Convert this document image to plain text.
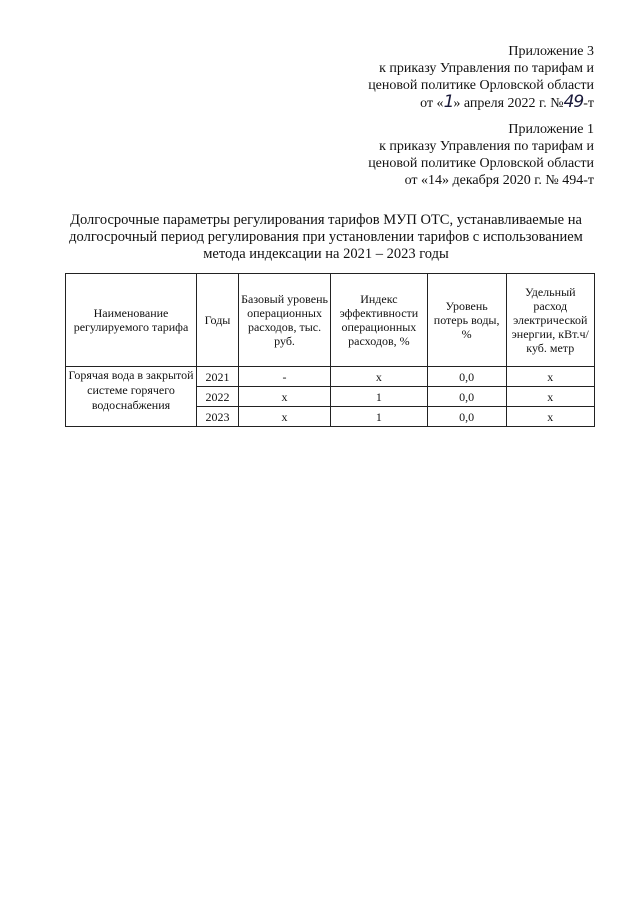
Приложение 3
к приказу Управления по тарифам и
ценовой политике Орловской области
от «1» апреля 2022 г. №49-т
Приложение 1
к приказу Управления по тарифам и
ценовой политике Орловской области
от «14» декабря 2020 г. № 494-т
Долгосрочные параметры регулирования тарифов МУП ОТС, устанавливаемые на
долгосрочный период регулирования при установлении тарифов с использованием
метода индексации на 2021 – 2023 годы
Наименование регулируемого тарифа	Годы	Базовый уровень операционных расходов, тыс. руб.	Индекс эффективности операционных расходов, %	Уровень потерь воды, %	Удельный расход электрической энергии, кВт.ч/куб. метр
Горячая вода в закрытой системе горячего водоснабжения	2021	-	x	0,0	x
	2022	x	1	0,0	x
	2023	x	1	0,0	x
